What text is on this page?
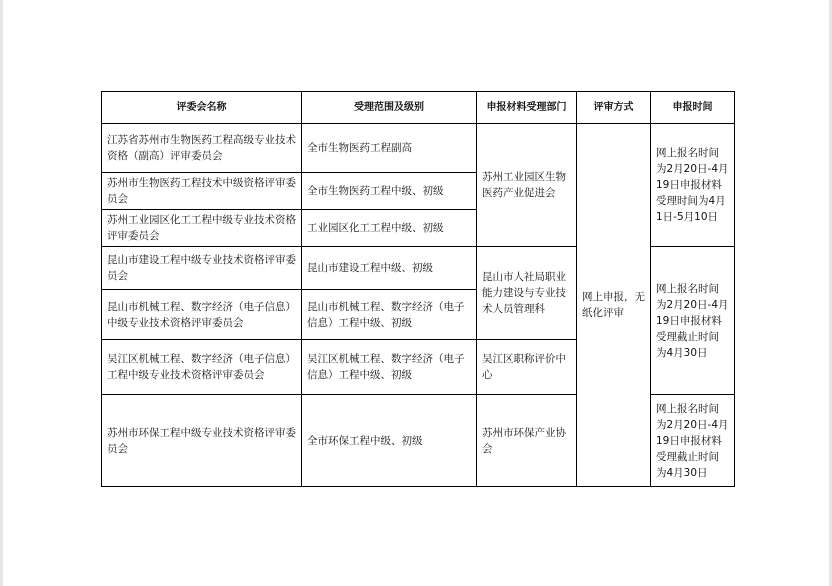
评委会名称	受理范围及级别	申报材料受理部门	评审方式	申报时间
江苏省苏州市生物医药工程高级专业技术资格（副高）评审委员会	全市生物医药工程副高	苏州工业园区生物医药产业促进会	网上申报，无纸化评审	网上报名时间为2月20日-4月19日申报材料受理时间为4月1日-5月10日
苏州市生物医药工程技术中级资格评审委员会	全市生物医药工程中级、初级			
苏州工业园区化工工程中级专业技术资格评审委员会	工业园区化工工程中级、初级			
昆山市建设工程中级专业技术资格评审委员会	昆山市建设工程中级、初级	昆山市人社局职业能力建设与专业技术人员管理科		网上报名时间为2月20日-4月19日申报材料受理截止时间为4月30日
昆山市机械工程、数字经济（电子信息）中级专业技术资格评审委员会	昆山市机械工程、数字经济（电子信息）工程中级、初级			
吴江区机械工程、数字经济（电子信息）工程中级专业技术资格评审委员会	吴江区机械工程、数字经济（电子信息）工程中级、初级	吴江区职称评价中心		
苏州市环保工程中级专业技术资格评审委员会	全市环保工程中级、初级	苏州市环保产业协会		网上报名时间为2月20日-4月19日申报材料受理截止时间为4月30日
